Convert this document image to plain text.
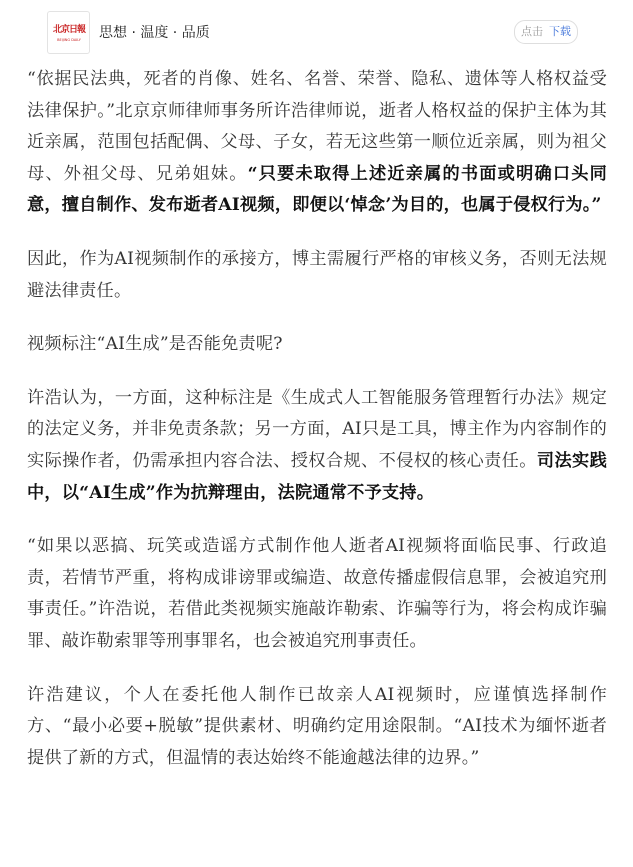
北京日報
BEIJING DAILY	思想 · 温度 · 品质	点击 下载

“依据民法典，死者的肖像、姓名、名誉、荣誉、隐私、遗体等人格权益受法律保护。”北京京师律师事务所许浩律师说，逝者人格权益的保护主体为其近亲属，范围包括配偶、父母、子女，若无这些第一顺位近亲属，则为祖父母、外祖父母、兄弟姐妹。“只要未取得上述近亲属的书面或明确口头同意，擅自制作、发布逝者AI视频，即便以‘悼念’为目的，也属于侵权行为。”

因此，作为AI视频制作的承接方，博主需履行严格的审核义务，否则无法规避法律责任。

视频标注“AI生成”是否能免责呢?

许浩认为，一方面，这种标注是《生成式人工智能服务管理暂行办法》规定的法定义务，并非免责条款；另一方面，AI只是工具，博主作为内容制作的实际操作者，仍需承担内容合法、授权合规、不侵权的核心责任。司法实践中，以“AI生成”作为抗辩理由，法院通常不予支持。

“如果以恶搞、玩笑或造谣方式制作他人逝者AI视频将面临民事、行政追责，若情节严重，将构成诽谤罪或编造、故意传播虚假信息罪，会被追究刑事责任。”许浩说，若借此类视频实施敲诈勒索、诈骗等行为，将会构成诈骗罪、敲诈勒索罪等刑事罪名，也会被追究刑事责任。

许浩建议，个人在委托他人制作已故亲人AI视频时，应谨慎选择制作方、“最小必要+脱敏”提供素材、明确约定用途限制。“AI技术为缅怀逝者提供了新的方式，但温情的表达始终不能逾越法律的边界。”
